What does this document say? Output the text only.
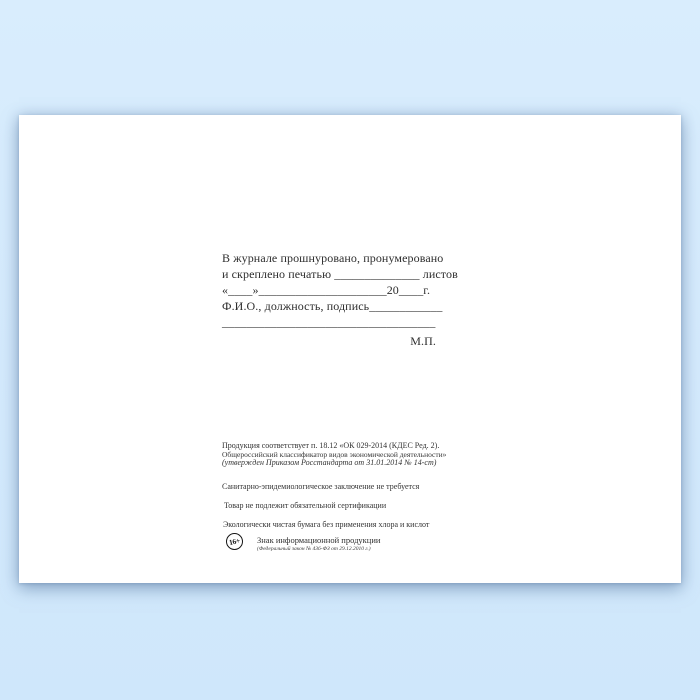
В журнале прошнуровано, пронумеровано
и скреплено печатью ______________ листов
«____»_____________________20____г.
Ф.И.О., должность, подпись____________
___________________________________
М.П.
Продукция соответствует п. 18.12 «ОК 029-2014 (КДЕС Ред. 2).
Общероссийский классификатор видов экономической деятельности»
(утвержден Приказом Росстандарта от 31.01.2014 № 14-ст)
Санитарно-эпидемиологическое заключение не требуется
Товар не подлежит обязательной сертификации
Экологически чистая бумага без применения хлора и кислот
16+ Знак информационной продукции
(Федеральный закон № 436-ФЗ от 29.12.2010 г.)
